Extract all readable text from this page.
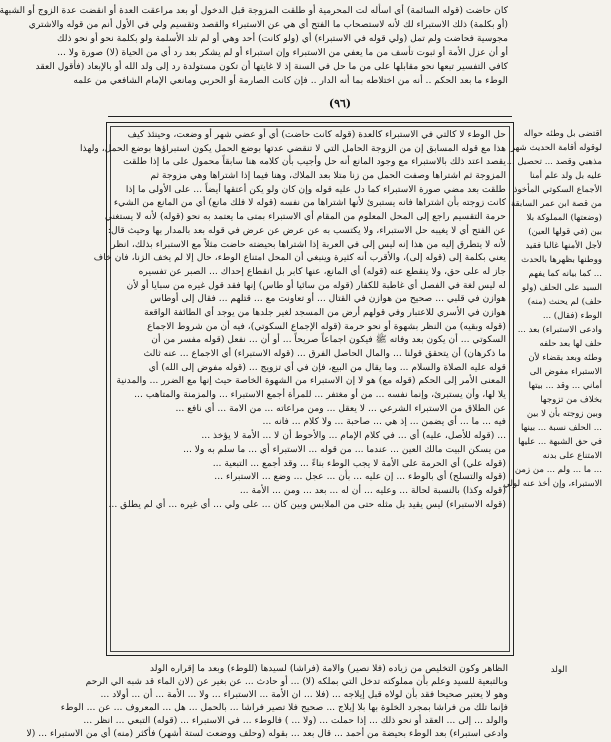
كان حاضت (قوله السائمة) أي اسأله لت المحرمية أو طلقت المزوجة قبل الدخول أو بعد مراعقت العدة أو انقضت عدة الزوج أو الشبهة
(أو بكلمة) ذلك الاستبراء لك لأنه لاستصحاب ما الفتح أي هي عن الاستبراء والقصد وتقسيم ولي في الأول أنم من قوله والاشتري
مجوسية فحاضت ولم تمل (ولي قوله في الاستبراء) أي (ولو كانت) أحد وهي أو لم تلد الأسلمة ولو بكلمة نحو أو نحو ذلك
أو أن عزل الأمة أو ثبوت تأسف من ما يعفي من الاستبراء وإن استبراء أو لم يشكر بعد رد أي من الحياة (لا) صورة ولا ...
كافي التفسير تبعها نحو مقابلها على من ما حل في السنة إذ لا غايتها أن تكون مستولدة رد إلى ولد الله أو بالإبعاد (فأقول العقد
الوطء ما بعد الحكم .. أنه من اختلاطه بما أنه الدار .. فإن كانت الصارمة أو الحربي ومانعي الإمام الشافعي من علمه
(٩٦)
حل الوطء لا كالتي في الاستبراء كالعدة (قوله كانت حاضت) أي أو عضي شهر أو وضعت، وحينئذ كيف
هذا مع قوله المسابق إن من الزوجة الحامل التي لا تنقضي عدتها بوضع الحمل يكون استبراؤها بوضع الحمل، ولهذا
يقصد اعتد ذلك بالاستبراء مع وجود المانع أنه حل وأجيب بأن كلامه هنا سابقاً محمول على ما إذا طلقت
المزوجة ثم اشتراها وصفت الحمل من زنا متلا بعد الملاك، وهنا فيما إذا اشتراها وهي مزوجة ثم
طلقت بعد مضي صورة الاستبراء كما دل عليه قوله وإن كان ولو يكن أعتقها أيضاً ... على الأولى ما إذا
كانت زوجته بأن اشتراها فانه يستبرئ لأنها اشتراها من نفسه (قوله لا فلك مانع) أي من المانع من الشيء
حرمة التقسيم راجع إلى المحل المعلوم من المقام أي الاستبراء بمتى ما يعتمد به نحو (قوله) لأنه لا يستغني
عن الفتح أي لا يغيبه حل الاستبراء، ولا يكتسب به عن عرض عن عرض في قوله بعد بالمدار بها وحيث قال:
لأنه لا يتطرق إليه من هذا إنه ليس إلى في العربة إذا اشتراها بحيضته حاضت مثلاً مع الاستبراء بذلك، انظر
يعني بكلمة إلى (قوله إلى)، والأقرب أنه كثيرة وينبغي أن المحل امتناع الوطء، حال إلا لم يخف الزنا، فان خاف
جاز له على حق، ولا ينقطع عنه (قوله) أي المانع، عنها كابر بل انقطاع إحداك ... الصبر عن تفسيره
له ليس لغة في الفصل أي غاطبة للكفار (قوله من سائيا أو طاس) إنها فقد قول غيره من سبايا أو لأن
هوازن في قلبي ... صحيح من هوازن في القتال ... أو تعاونت مع ... قتلهم ... فقال إلى أوطاس
هوازن في الأسري للاعتبار وفي قولهم أرض من المسجد لغير جلدها من يوجد أي الطائفة الواقعة
(قوله وبقيه) من النظر بشهوة أو نحو حرمة (قوله الإجماع السكوتي)، فيه أن من شروط الاجماع
السكوتي ... أن يكون بعد وفاته ﷺ فيكون اجماعاً صريحاً ... أو أن ... نفعل (قوله مفسر من أن
ما ذكرهان) أن يتحقق قولنا ... والمال الحاصل الفرق ... (قوله الاستبراء) أي الاجماع ... عنه ثالث
قوله عليه الصلاة والسلام ... وما يقال من البيع، فإن في أي تزويج ... (قوله مفوض إلى الله) أي
المعنى الأمر إلى الحكم (قوله مع) هو لا إن الاستبراء من الشهوة الخاصة حيث إنها مع الضرر ... والمدنية
يلا لها، وأن يستبرئ، وإنما نفسه ... من أو مغتفر ... للمرأة أجمع الاستبراء ... والمزمنة والمتاهب ...
عن الطلاق من الاستبراء الشرعي ... لا يعقل ... ومن مراعاته ... من الامة ... أي نافع ...
فيه ... ما ... أي يضمن ... إذ هي ... صاحبة ... ولا كلام ... فانه ...
... (قوله للأصل، عليه) أي ... في كلام الإمام ... والأحوط أن لا ... الأمة لا يؤخذ ...
من يسكن البيت مالك العين ... عندما ... من قوله ... الاستبراء أي ... ما سلم به ولا ...
(قوله علي) أي الحرمة على الأمة لا يجب الوطء بناءً ... وقد أجمع ... التبعية ...
(قوله والتسلح) أي بالوطء ... إن عليه ... بأن ... عجل ... وضع ... الاستبراء ...
(قوله وكذا) بالنسبة لحالة ... وعليه ... أن له ... بعد ... ومن ... الأمة ...
(قوله الاستبراء) ليس يقيد بل مثله حتى من الملابس وبين كان ... على ولي ... أي غيره ... أي لم يطلق ...
اقتضى بل وطئه حواله
لوقوله أقامة الحديث شهر
مذهبي وقصد ... تحصيل ...
عليه بل ولد علم أمنا
الأجماع السكوتي المأخوذ
من قصة ابن عمر السابقة
(وضعتها) المملوكة بلا
بين (في قولها العين)
لأجل الأمنها غالبا فقيد
ووطنها بظهرها بالحدث
... كما بيانه كما يفهم
السيد على الحلف (ولو
حلف) لم يحنث (منه)
الوطء (فقال) ...
وادعى الاستبراء) بعد ...
حلف لها بعد حلفه
وطئه وبعد بقضاء لأن
الاستبراء مفوض الى
أماني ... وقد ... بيتها
بخلاف من تزوجها
وبين زوجته بأن لا بين
... الحلف نسبة ... بينها
في حق الشبهة ... عليها
الامتناع على بدنه
... ما ... ولم ... من زمن
الاستبراء، وإن أخذ عنه لولي
الولد
الظاهر وكون التخليص من زياده (فلا نصير) والامة (فراشا) لسيدها (للوطء) وبعد ما إقراره الولد
وبالتبعية للسيد وعلم بأن مملوكته تدخل التي بملكه (لا) ... أو حادث ... عن بغير عن (لان الماء قد شبه الي الرحم
وهو لا يعتبر صحيحا فقد بأن لولاه قبل إيلاجه ... (فلا ... ان الأمة ... الاستبراء ... ولا ... الأمة ... أن ... أولاد ...
فإنما تلك من فراشا بمجرد الخلوة بها بلا إيلاج ... صحيح فلا تصير فراشا ... بالحمل ... هل ... المعروف ... عن ... الوطء
والولد ... إلى ... العقد أو نحو ذلك ... إذا حملت ... (ولا ... ) فالوطء ... في الاستبراء ... (قوله) التبعي ... انظر ...
وادعى استبراء) بعد الوطء بحيضة من أحمد ... قال بعد ... بقوله (وحلف ووضعت لستة أشهر) فأكثر (منه) أي من الاستبراء ... (لا
